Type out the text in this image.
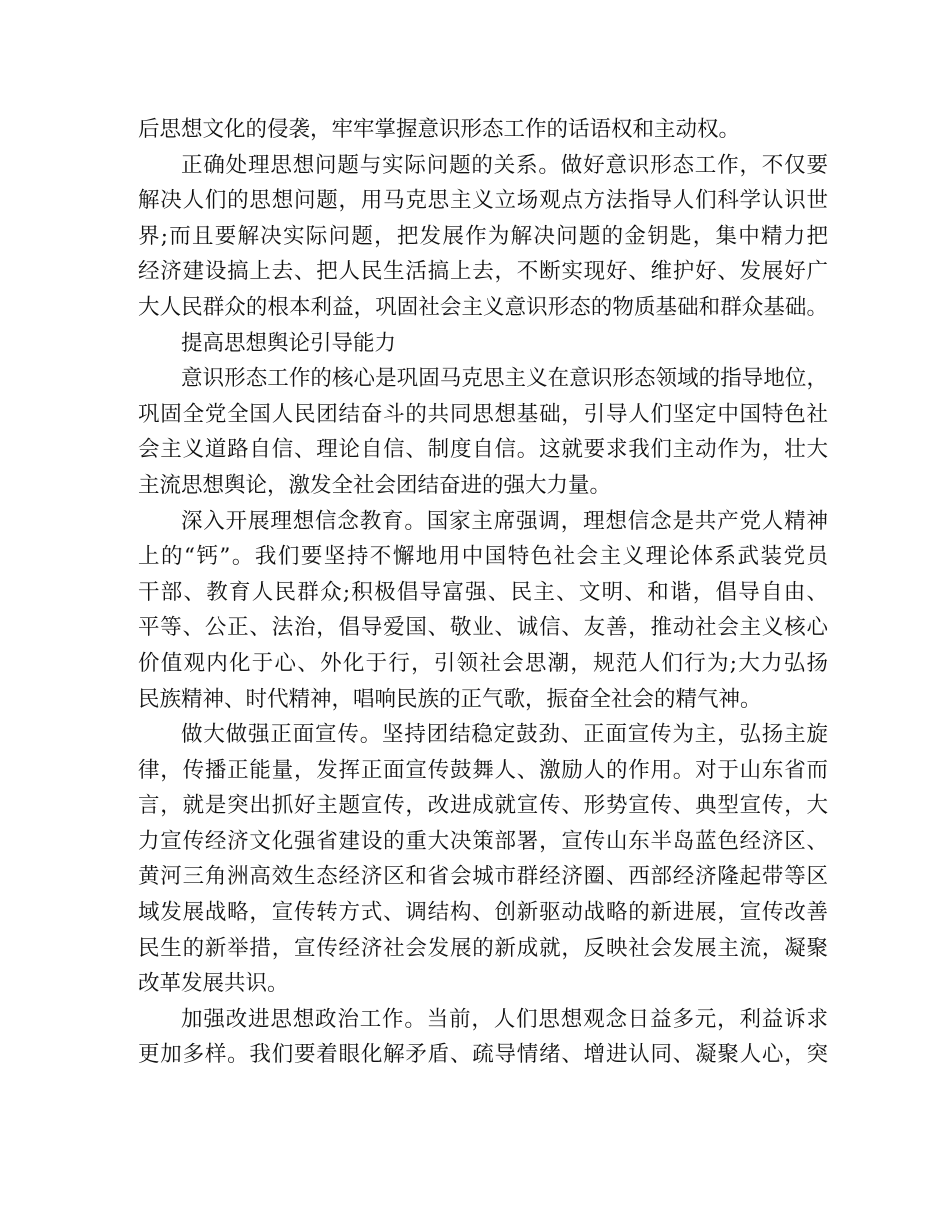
后思想文化的侵袭，牢牢掌握意识形态工作的话语权和主动权。
正确处理思想问题与实际问题的关系。做好意识形态工作，不仅要
解决人们的思想问题，用马克思主义立场观点方法指导人们科学认识世
界;而且要解决实际问题，把发展作为解决问题的金钥匙，集中精力把
经济建设搞上去、把人民生活搞上去，不断实现好、维护好、发展好广
大人民群众的根本利益，巩固社会主义意识形态的物质基础和群众基础。
提高思想舆论引导能力
意识形态工作的核心是巩固马克思主义在意识形态领域的指导地位，
巩固全党全国人民团结奋斗的共同思想基础，引导人们坚定中国特色社
会主义道路自信、理论自信、制度自信。这就要求我们主动作为，壮大
主流思想舆论，激发全社会团结奋进的强大力量。
深入开展理想信念教育。国家主席强调，理想信念是共产党人精神
上的“钙”。我们要坚持不懈地用中国特色社会主义理论体系武装党员
干部、教育人民群众;积极倡导富强、民主、文明、和谐，倡导自由、
平等、公正、法治，倡导爱国、敬业、诚信、友善，推动社会主义核心
价值观内化于心、外化于行，引领社会思潮，规范人们行为;大力弘扬
民族精神、时代精神，唱响民族的正气歌，振奋全社会的精气神。
做大做强正面宣传。坚持团结稳定鼓劲、正面宣传为主，弘扬主旋
律，传播正能量，发挥正面宣传鼓舞人、激励人的作用。对于山东省而
言，就是突出抓好主题宣传，改进成就宣传、形势宣传、典型宣传，大
力宣传经济文化强省建设的重大决策部署，宣传山东半岛蓝色经济区、
黄河三角洲高效生态经济区和省会城市群经济圈、西部经济隆起带等区
域发展战略，宣传转方式、调结构、创新驱动战略的新进展，宣传改善
民生的新举措，宣传经济社会发展的新成就，反映社会发展主流，凝聚
改革发展共识。
加强改进思想政治工作。当前，人们思想观念日益多元，利益诉求
更加多样。我们要着眼化解矛盾、疏导情绪、增进认同、凝聚人心，突
